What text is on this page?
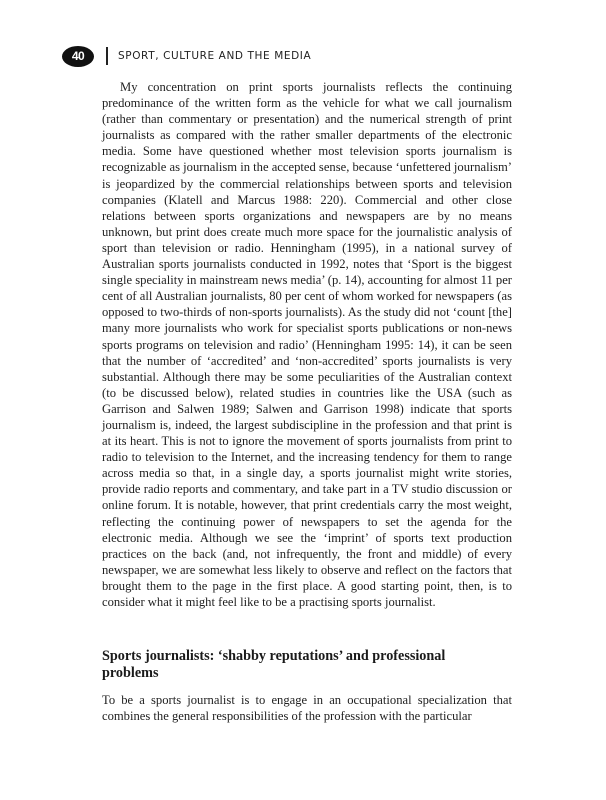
40	SPORT, CULTURE AND THE MEDIA

My concentration on print sports journalists reflects the continuing predominance of the written form as the vehicle for what we call journalism (rather than commentary or presentation) and the numerical strength of print journalists as compared with the rather smaller departments of the electronic media. Some have questioned whether most television sports journalism is recognizable as journalism in the accepted sense, because ‘unfettered journalism’ is jeopardized by the commercial relationships between sports and television companies (Klatell and Marcus 1988: 220). Commercial and other close relations between sports organizations and newspapers are by no means unknown, but print does create much more space for the journalistic analysis of sport than television or radio. Henningham (1995), in a national survey of Australian sports journalists conducted in 1992, notes that ‘Sport is the biggest single speciality in mainstream news media’ (p. 14), accounting for almost 11 per cent of all Australian journalists, 80 per cent of whom worked for newspapers (as opposed to two-thirds of non-sports journalists). As the study did not ‘count [the] many more journalists who work for specialist sports publications or non-news sports programs on television and radio’ (Henningham 1995: 14), it can be seen that the number of ‘accredited’ and ‘non-accredited’ sports journalists is very substantial. Although there may be some peculiarities of the Australian context (to be discussed below), related studies in countries like the USA (such as Garrison and Salwen 1989; Salwen and Garrison 1998) indicate that sports journalism is, indeed, the largest subdiscipline in the profession and that print is at its heart. This is not to ignore the movement of sports journalists from print to radio to television to the Internet, and the increasing tendency for them to range across media so that, in a single day, a sports journalist might write stories, provide radio reports and commentary, and take part in a TV studio discussion or online forum. It is notable, however, that print credentials carry the most weight, reflecting the continuing power of newspapers to set the agenda for the electronic media. Although we see the ‘imprint’ of sports text production practices on the back (and, not infrequently, the front and middle) of every newspaper, we are somewhat less likely to observe and reflect on the factors that brought them to the page in the first place. A good starting point, then, is to consider what it might feel like to be a practising sports journalist.

Sports journalists: ‘shabby reputations’ and professional problems

To be a sports journalist is to engage in an occupational specialization that combines the general responsibilities of the profession with the particular
